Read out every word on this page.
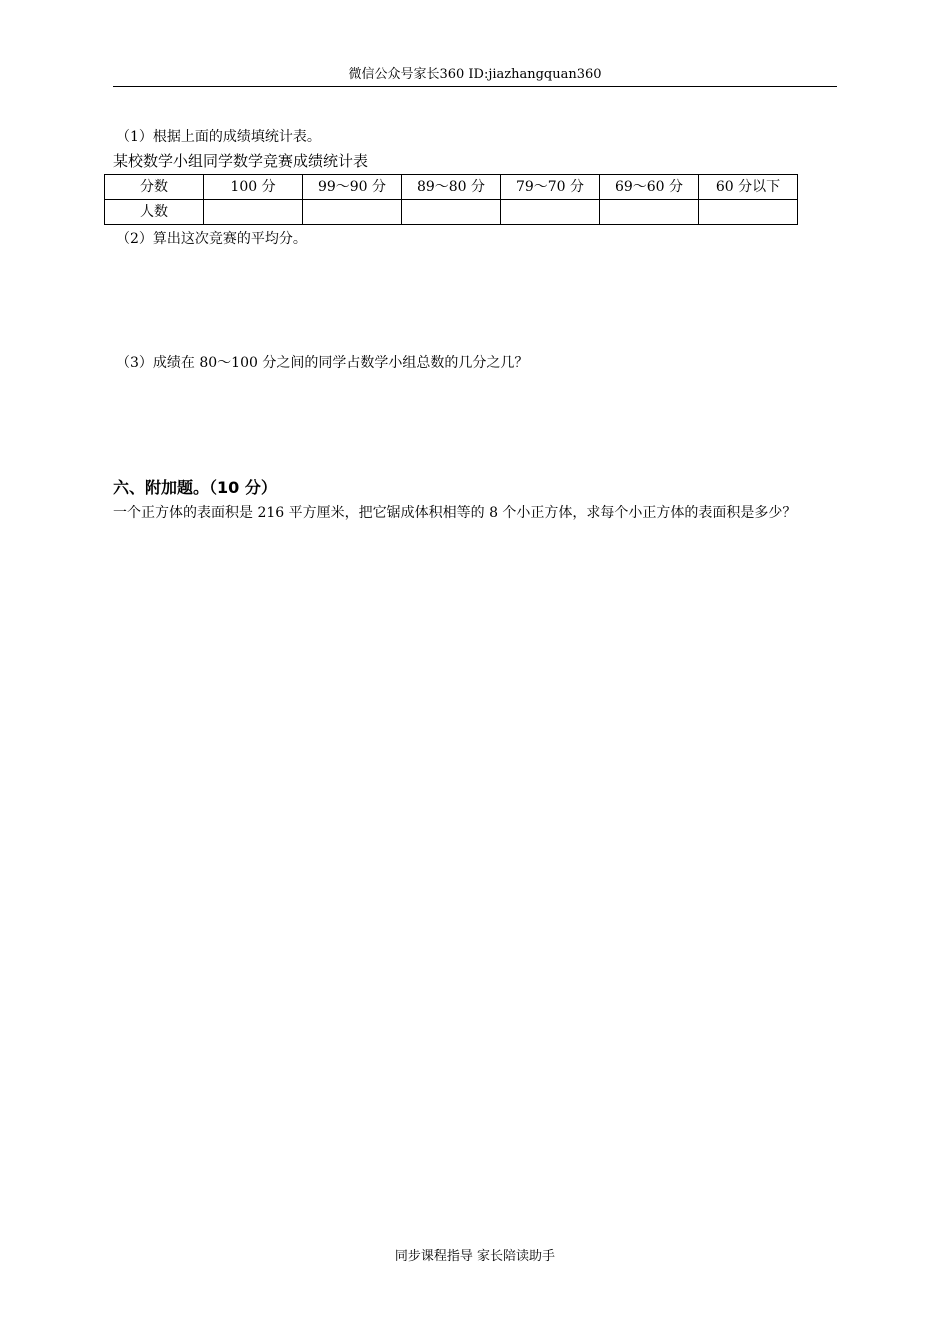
微信公众号家长360 ID:jiazhangquan360
（1）根据上面的成绩填统计表。
某校数学小组同学数学竞赛成绩统计表
分数	100 分	99～90 分	89～80 分	79～70 分	69～60 分	60 分以下
人数						
（2）算出这次竞赛的平均分。
（3）成绩在 80～100 分之间的同学占数学小组总数的几分之几？
六、附加题。（10 分）
一个正方体的表面积是 216 平方厘米，把它锯成体积相等的 8 个小正方体，求每个小正方体的表面积是多少？
同步课程指导 家长陪读助手
